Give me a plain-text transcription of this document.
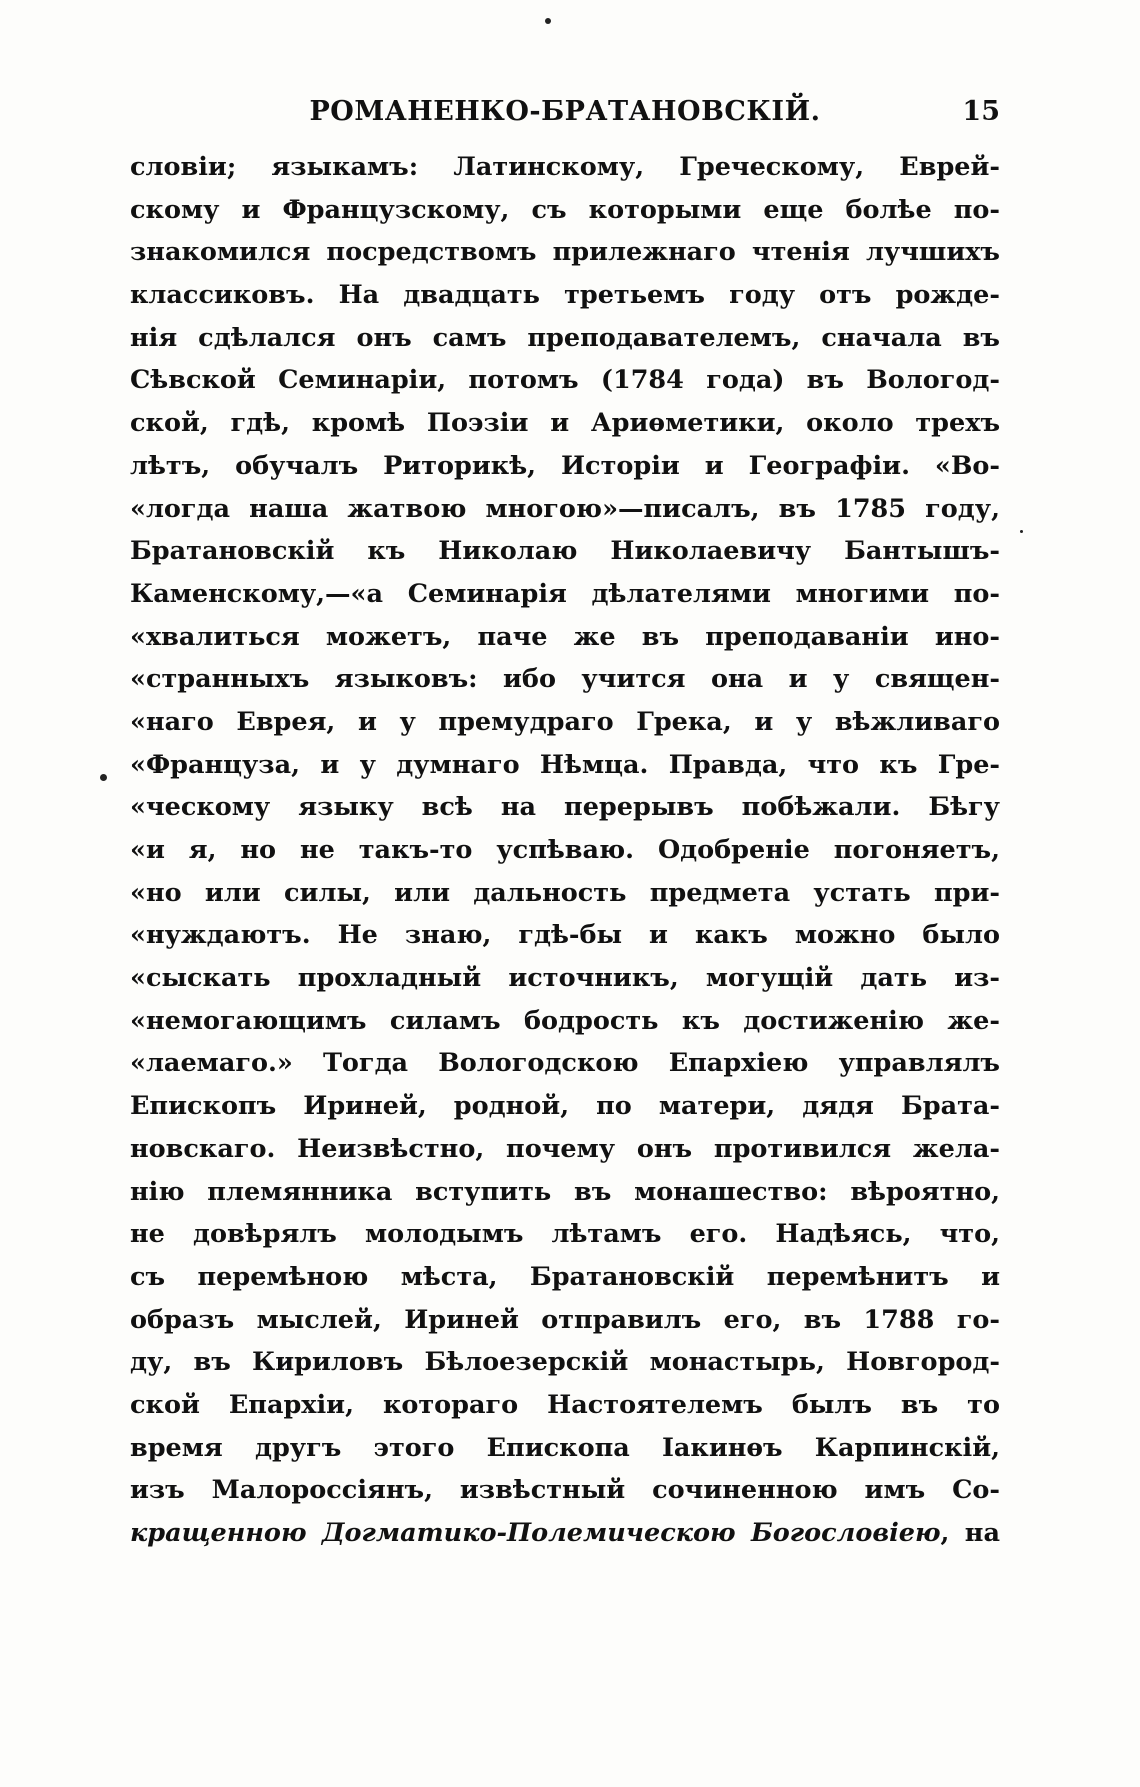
РОМАНЕНКО-БРАТАНОВСКІЙ.	15
словіи; языкамъ: Латинскому, Греческому, Еврей-
скому и Французскому, съ которыми еще болѣе по-
знакомился посредствомъ прилежнаго чтенія лучшихъ
классиковъ. На двадцать третьемъ году отъ рожде-
нія сдѣлался онъ самъ преподавателемъ, сначала въ
Сѣвской Семинаріи, потомъ (1784 года) въ Вологод-
ской, гдѣ, кромѣ Поэзіи и Ариѳметики, около трехъ
лѣтъ, обучалъ Риторикѣ, Исторіи и Географіи. «Во-
«логда наша жатвою многою»—писалъ, въ 1785 году,
Братановскій къ Николаю Николаевичу Бантышъ-
Каменскому,—«а Семинарія дѣлателями многими по-
«хвалиться можетъ, паче же въ преподаваніи ино-
«странныхъ языковъ: ибо учится она и у священ-
«наго Еврея, и у премудраго Грека, и у вѣжливаго
«Француза, и у думнаго Нѣмца. Правда, что къ Гре-
«ческому языку всѣ на перерывъ побѣжали. Бѣгу
«и я, но не такъ-то успѣваю. Одобреніе погоняетъ,
«но или силы, или дальность предмета устать при-
«нуждаютъ. Не знаю, гдѣ-бы и какъ можно было
«сыскать прохладный источникъ, могущій дать из-
«немогающимъ силамъ бодрость къ достиженію же-
«лаемаго.» Тогда Вологодскою Епархіею управлялъ
Епископъ Ириней, родной, по матери, дядя Брата-
новскаго. Неизвѣстно, почему онъ противился жела-
нію племянника вступить въ монашество: вѣроятно,
не довѣрялъ молодымъ лѣтамъ его. Надѣясь, что,
съ перемѣною мѣста, Братановскій перемѣнитъ и
образъ мыслей, Ириней отправилъ его, въ 1788 го-
ду, въ Кириловъ Бѣлоезерскій монастырь, Новгород-
ской Епархіи, котораго Настоятелемъ былъ въ то
время другъ этого Епископа Іакинѳъ Карпинскій,
изъ Малороссіянъ, извѣстный сочиненною имъ Со-
кращенною Догматико-Полемическою Богословіею, на
